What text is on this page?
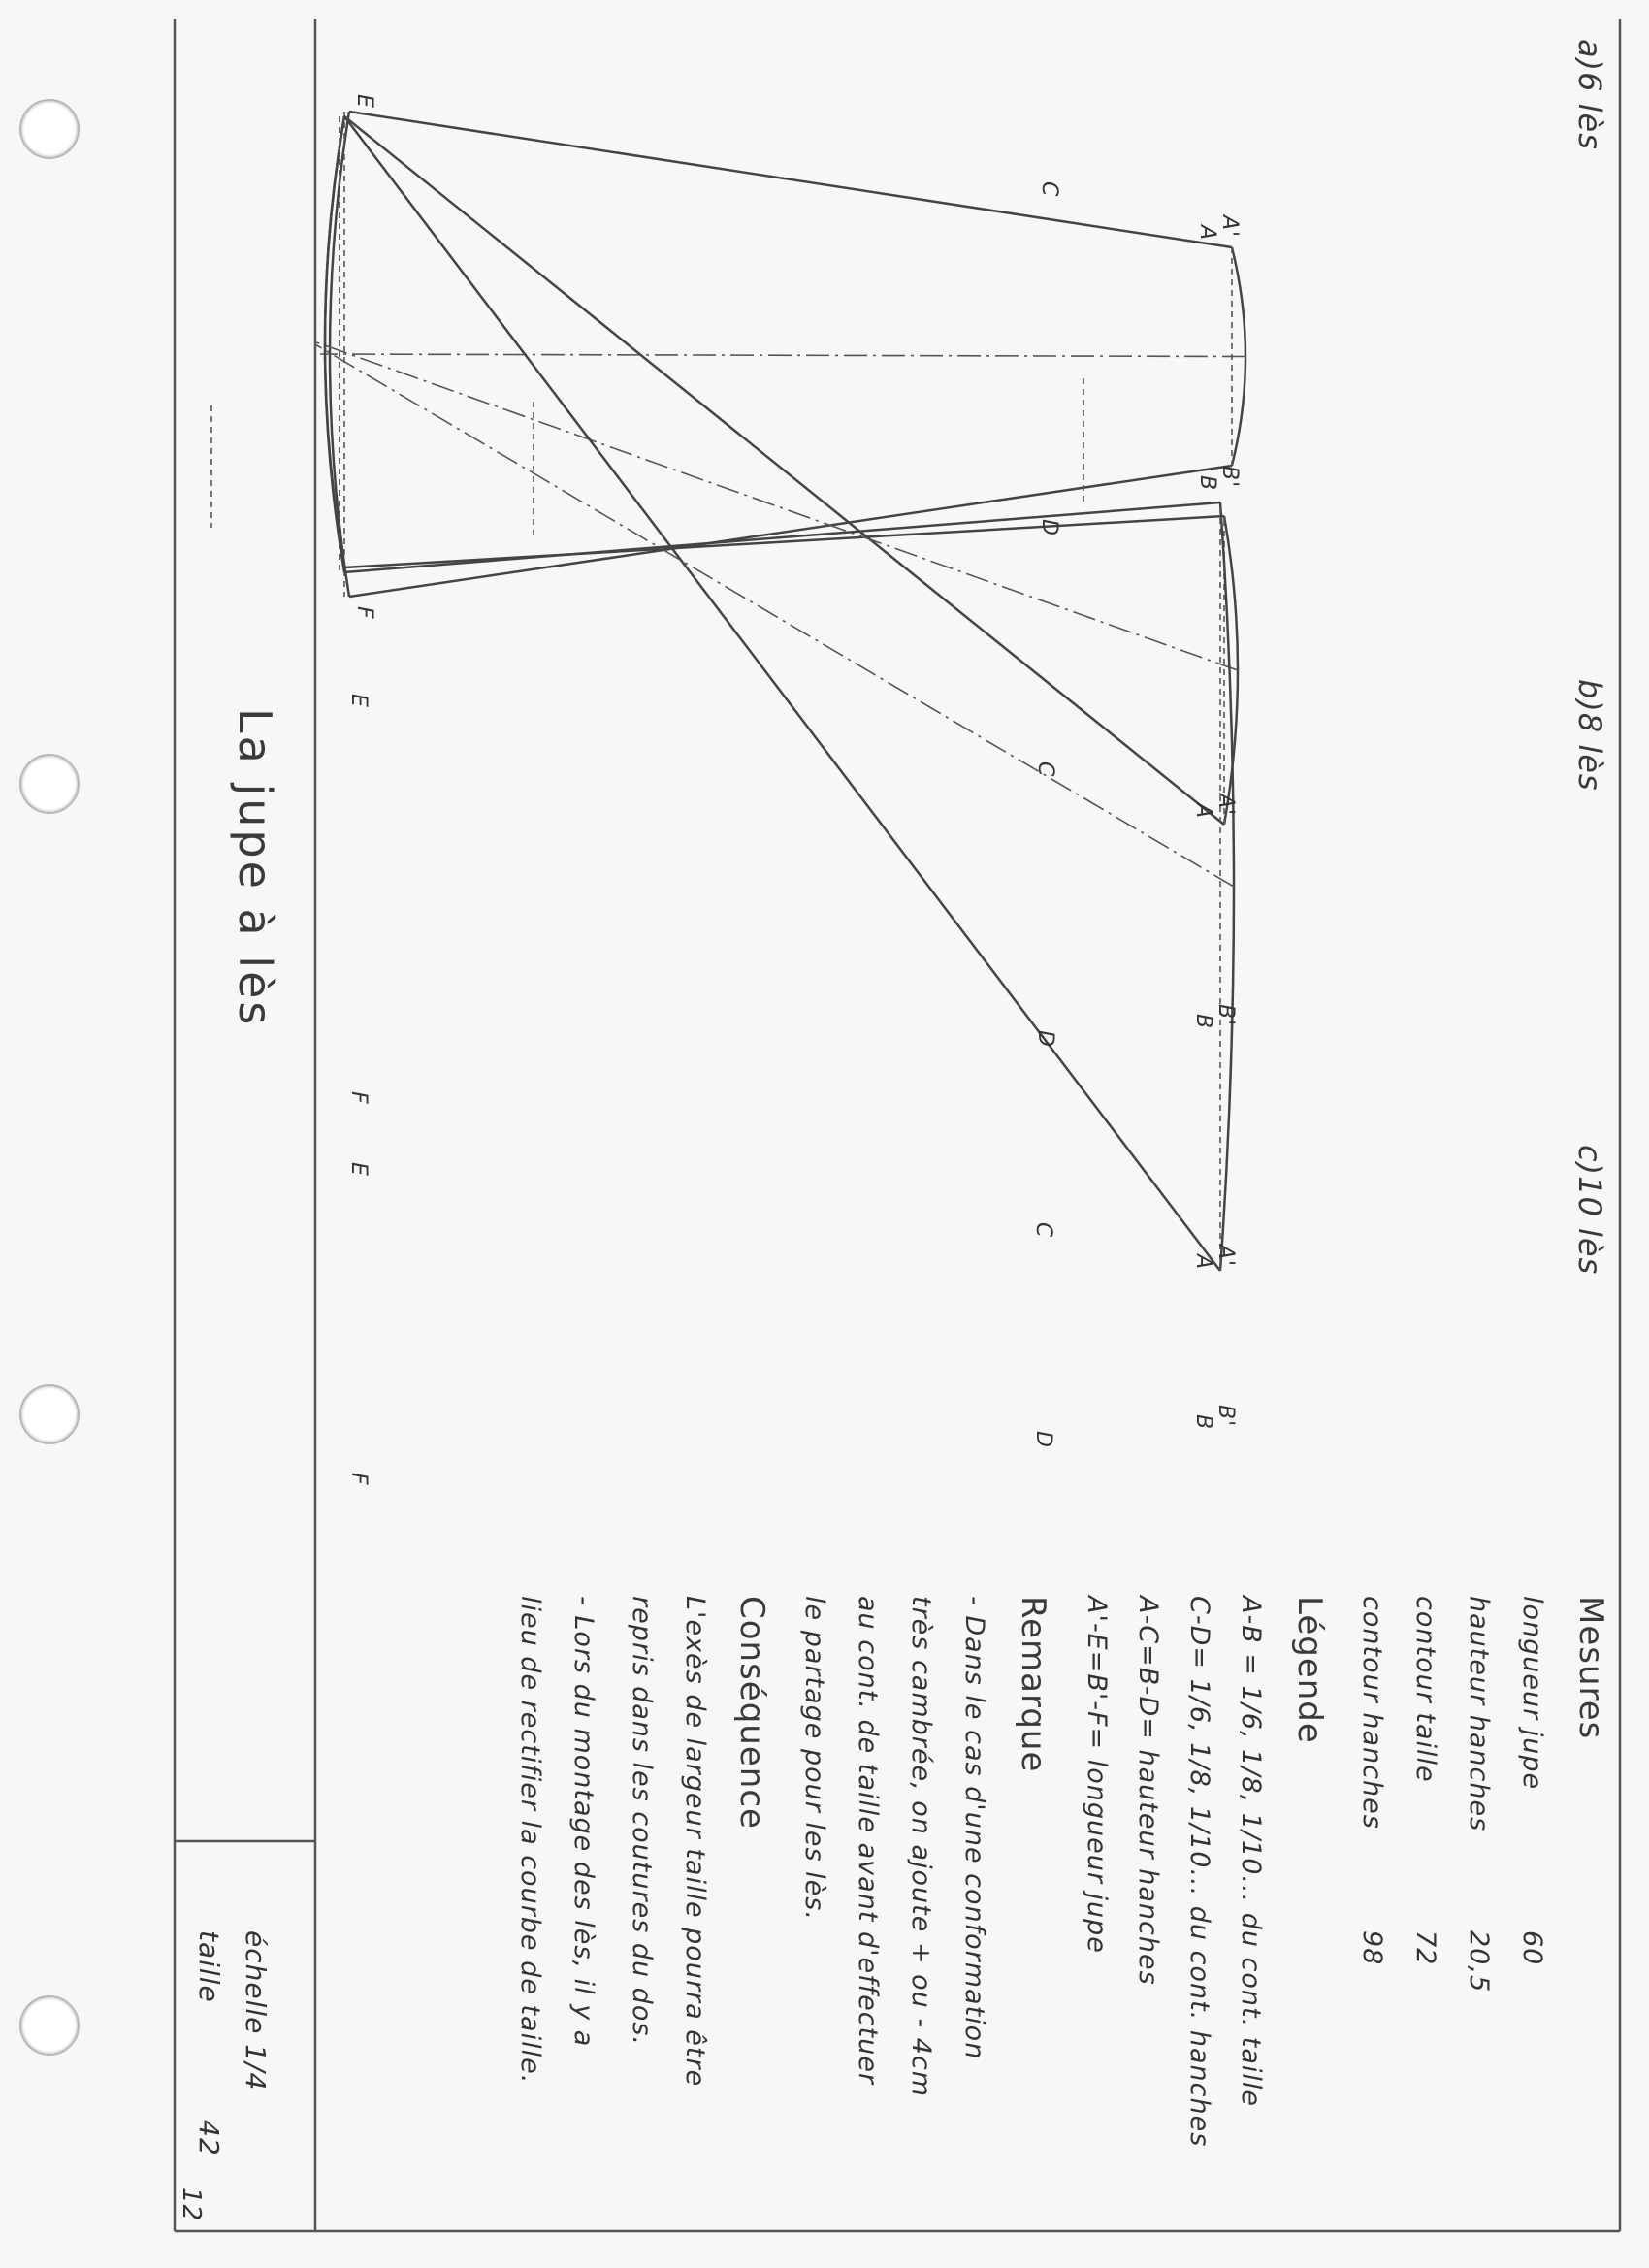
a)6 lès
b)8 lès
c)10 lès
A'
A
B'
B
C
D
E
F
A'
A
B'
B
C
D
E
F
A'
A
B'
B
C
D
E
F
La jupe à lès
Mesures
longueur jupe
60
hauteur hanches
20,5
contour taille
72
contour hanches
98
Légende
A-B = 1/6, 1/8, 1/10... du cont. taille
C-D= 1/6, 1/8, 1/10... du cont. hanches
A-C=B-D= hauteur hanches
A'-E=B'-F= longueur jupe
Remarque
- Dans le cas d'une conformation
très cambrée, on ajoute + ou - 4cm
au cont. de taille avant d'effectuer
le partage pour les lès.
Conséquence
L'exès de largeur taille pourra être
repris dans les coutures du dos.
- Lors du montage des lès, il y a
lieu de rectifier la courbe de taille.
échelle 1/4
taille
42
12
